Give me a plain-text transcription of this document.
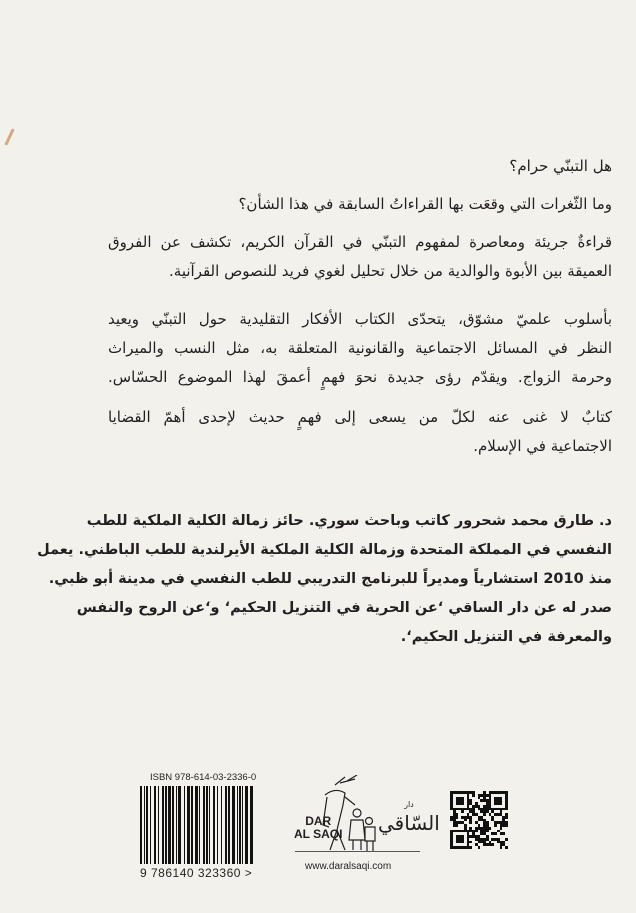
هل التبنّي حرام؟
وما الثّغرات التي وقعَت بها القراءاتُ السابقة في هذا الشأن؟
قراءةٌ جريئة ومعاصرة لمفهوم التبنّي في القرآن الكريم، تكشف عن الفروق
العميقة بين الأبوة والوالدية من خلال تحليل لغوي فريد للنصوص القرآنية.
بأسلوب علميّ مشوّق، يتحدّى الكتاب الأفكار التقليدية حول التبنّي ويعيد
النظر في المسائل الاجتماعية والقانونية المتعلقة به، مثل النسب والميراث
وحرمة الزواج. ويقدّم رؤى جديدة نحوَ فهمٍ أعمقَ لهذا الموضوع الحسّاس.
كتابٌ لا غنى عنه لكلّ من يسعى إلى فهمٍ حديث لإحدى أهمّ القضايا
الاجتماعية في الإسلام.
د. طارق محمد شحرور كاتب وباحث سوري. حائز زمالة الكلية الملكية للطب
النفسي في المملكة المتحدة وزمالة الكلية الملكية الأيرلندية للطب الباطني. يعمل
منذ 2010 استشارياً ومديراً للبرنامج التدريبي للطب النفسي في مدينة أبو ظبي.
صدر له عن دار الساقي ‘عن الحرية في التنزيل الحكيم‘ و‘عن الروح والنفس
والمعرفة في التنزيل الحكيم‘.
ISBN 978-614-03-2336-0
9 786140 323360 >
DAR
AL SAQI
دار
السّاقي
www.daralsaqi.com
